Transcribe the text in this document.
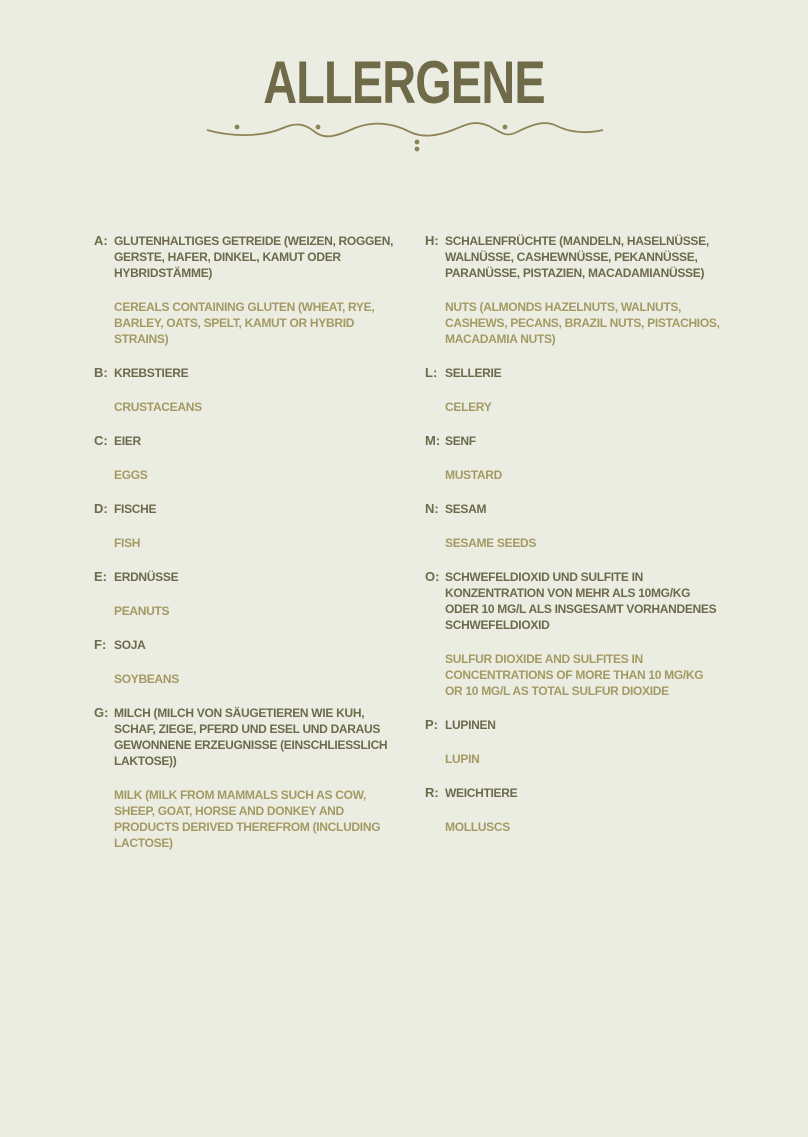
ALLERGENE
A: GLUTENHALTIGES GETREIDE (WEIZEN, ROGGEN, GERSTE, HAFER, DINKEL, KAMUT ODER HYBRIDSTÄMME)
CEREALS CONTAINING GLUTEN (WHEAT, RYE, BARLEY, OATS, SPELT, KAMUT OR HYBRID STRAINS)
B: KREBSTIERE
CRUSTACEANS
C: EIER
EGGS
D: FISCHE
FISH
E: ERDNÜSSE
PEANUTS
F: SOJA
SOYBEANS
G: MILCH (MILCH VON SÄUGETIEREN WIE KUH, SCHAF, ZIEGE, PFERD UND ESEL UND DARAUS GEWONNENE ERZEUGNISSE (EINSCHLIESSLICH LAKTOSE))
MILK (MILK FROM MAMMALS SUCH AS COW, SHEEP, GOAT, HORSE AND DONKEY AND PRODUCTS DERIVED THEREFROM (INCLUDING LACTOSE)
H: SCHALENFRÜCHTE (MANDELN, HASELNÜSSE, WALNÜSSE, CASHEWNÜSSE, PEKANNÜSSE, PARANÜSSE, PISTAZIEN, MACADAMIANÜSSE)
NUTS (ALMONDS HAZELNUTS, WALNUTS, CASHEWS, PECANS, BRAZIL NUTS, PISTACHIOS, MACADAMIA NUTS)
L: SELLERIE
CELERY
M: SENF
MUSTARD
N: SESAM
SESAME SEEDS
O: SCHWEFELDIOXID UND SULFITE IN KONZENTRATION VON MEHR ALS 10MG/KG ODER 10 MG/L ALS INSGESAMT VORHANDENES SCHWEFELDIOXID
SULFUR DIOXIDE AND SULFITES IN CONCENTRATIONS OF MORE THAN 10 MG/KG OR 10 MG/L AS TOTAL SULFUR DIOXIDE
P: LUPINEN
LUPIN
R: WEICHTIERE
MOLLUSCS
